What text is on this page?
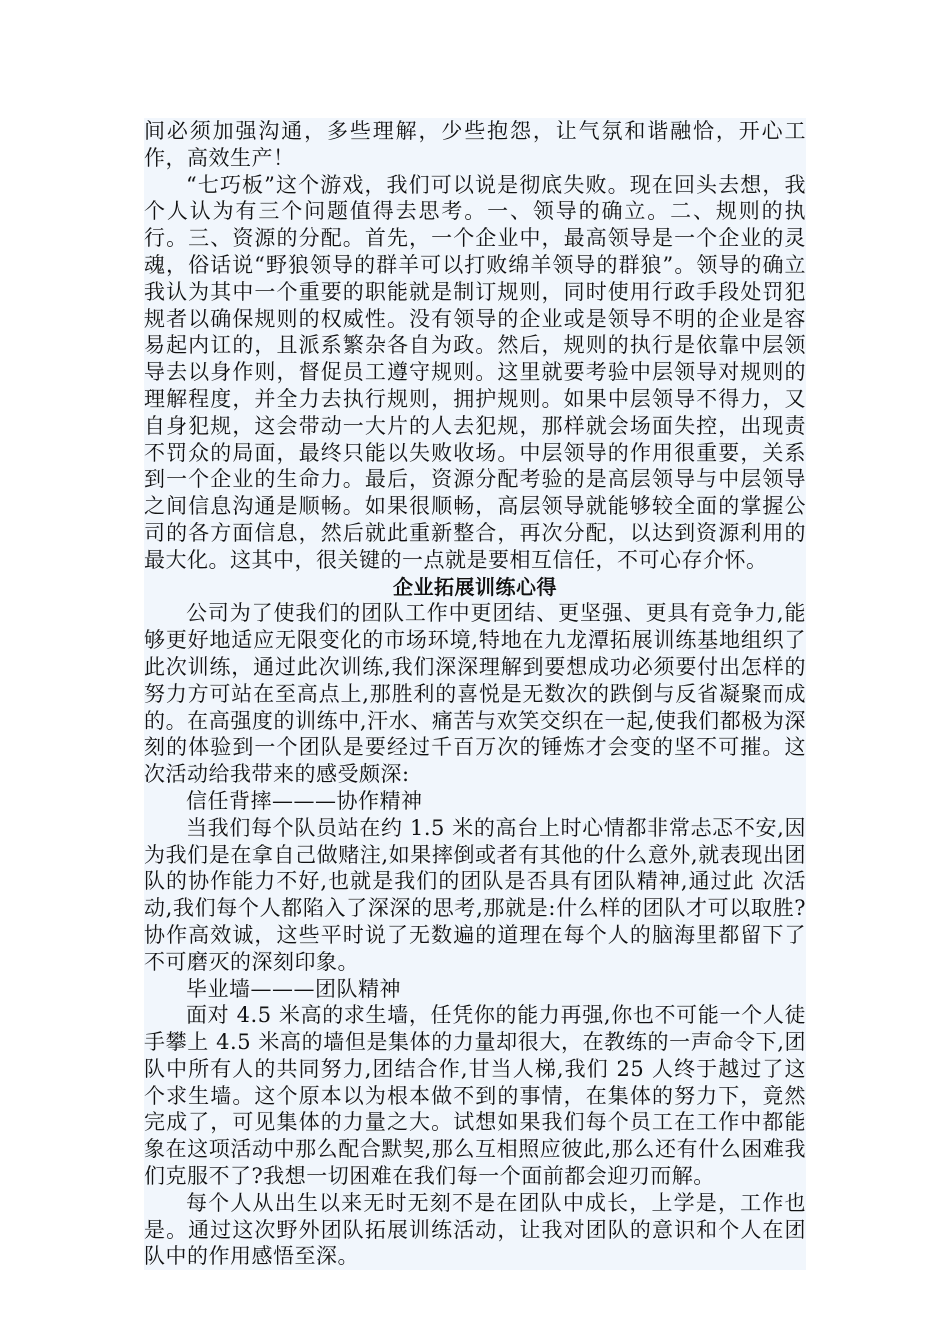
间必须加强沟通，多些理解，少些抱怨，让气氛和谐融恰，开心工作，高效生产！

“七巧板”这个游戏，我们可以说是彻底失败。现在回头去想，我个人认为有三个问题值得去思考。一、领导的确立。二、规则的执行。三、资源的分配。首先，一个企业中，最高领导是一个企业的灵魂，俗话说“野狼领导的群羊可以打败绵羊领导的群狼”。领导的确立我认为其中一个重要的职能就是制订规则，同时使用行政手段处罚犯规者以确保规则的权威性。没有领导的企业或是领导不明的企业是容易起内讧的，且派系繁杂各自为政。然后，规则的执行是依靠中层领导去以身作则，督促员工遵守规则。这里就要考验中层领导对规则的理解程度，并全力去执行规则，拥护规则。如果中层领导不得力，又自身犯规，这会带动一大片的人去犯规，那样就会场面失控，出现责不罚众的局面，最终只能以失败收场。中层领导的作用很重要，关系到一个企业的生命力。最后，资源分配考验的是高层领导与中层领导之间信息沟通是顺畅。如果很顺畅，高层领导就能够较全面的掌握公司的各方面信息，然后就此重新整合，再次分配，以达到资源利用的最大化。这其中，很关键的一点就是要相互信任，不可心存介怀。

企业拓展训练心得

公司为了使我们的团队工作中更团结、更坚强、更具有竞争力,能够更好地适应无限变化的市场环境,特地在九龙潭拓展训练基地组织了此次训练，通过此次训练,我们深深理解到要想成功必须要付出怎样的努力方可站在至高点上,那胜利的喜悦是无数次的跌倒与反省凝聚而成的。在高强度的训练中,汗水、痛苦与欢笑交织在一起,使我们都极为深刻的体验到一个团队是要经过千百万次的锤炼才会变的坚不可摧。这次活动给我带来的感受颇深:

信任背摔———协作精神

当我们每个队员站在约 1.5 米的高台上时心情都非常忐忑不安,因为我们是在拿自己做赌注,如果摔倒或者有其他的什么意外,就表现出团队的协作能力不好,也就是我们的团队是否具有团队精神,通过此 次活动,我们每个人都陷入了深深的思考,那就是:什么样的团队才可以取胜?协作高效诚，这些平时说了无数遍的道理在每个人的脑海里都留下了不可磨灭的深刻印象。

毕业墙———团队精神

面对 4.5 米高的求生墙，任凭你的能力再强,你也不可能一个人徒手攀上 4.5 米高的墙但是集体的力量却很大，在教练的一声命令下,团队中所有人的共同努力,团结合作,甘当人梯,我们 25 人终于越过了这个求生墙。这个原本以为根本做不到的事情，在集体的努力下，竟然完成了，可见集体的力量之大。试想如果我们每个员工在工作中都能象在这项活动中那么配合默契,那么互相照应彼此,那么还有什么困难我们克服不了?我想一切困难在我们每一个面前都会迎刃而解。

每个人从出生以来无时无刻不是在团队中成长，上学是，工作也是。通过这次野外团队拓展训练活动，让我对团队的意识和个人在团队中的作用感悟至深。
